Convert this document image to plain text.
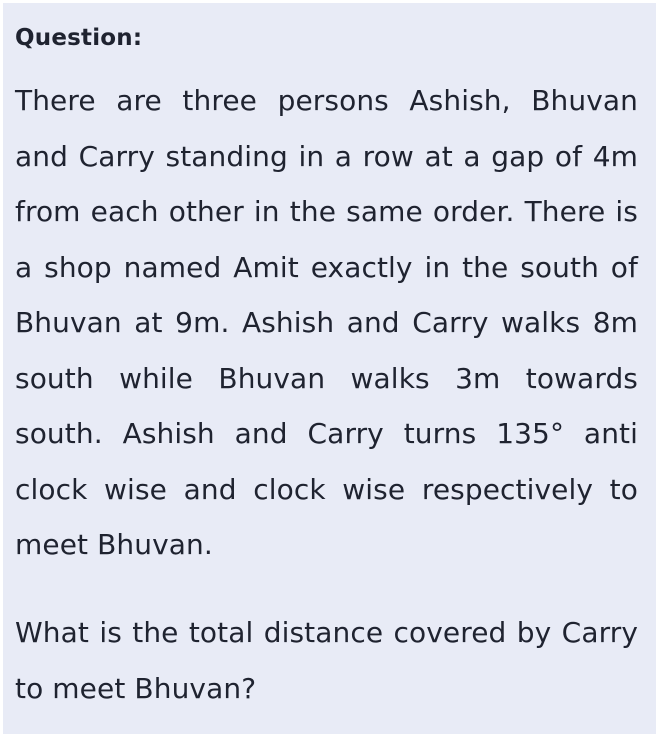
Question:
There are three persons Ashish, Bhuvan and Carry standing in a row at a gap of 4m from each other in the same order. There is a shop named Amit exactly in the south of Bhuvan at 9m. Ashish and Carry walks 8m south while Bhuvan walks 3m towards south. Ashish and Carry turns 135° anti clock wise and clock wise respectively to meet Bhuvan.
What is the total distance covered by Carry to meet Bhuvan?
